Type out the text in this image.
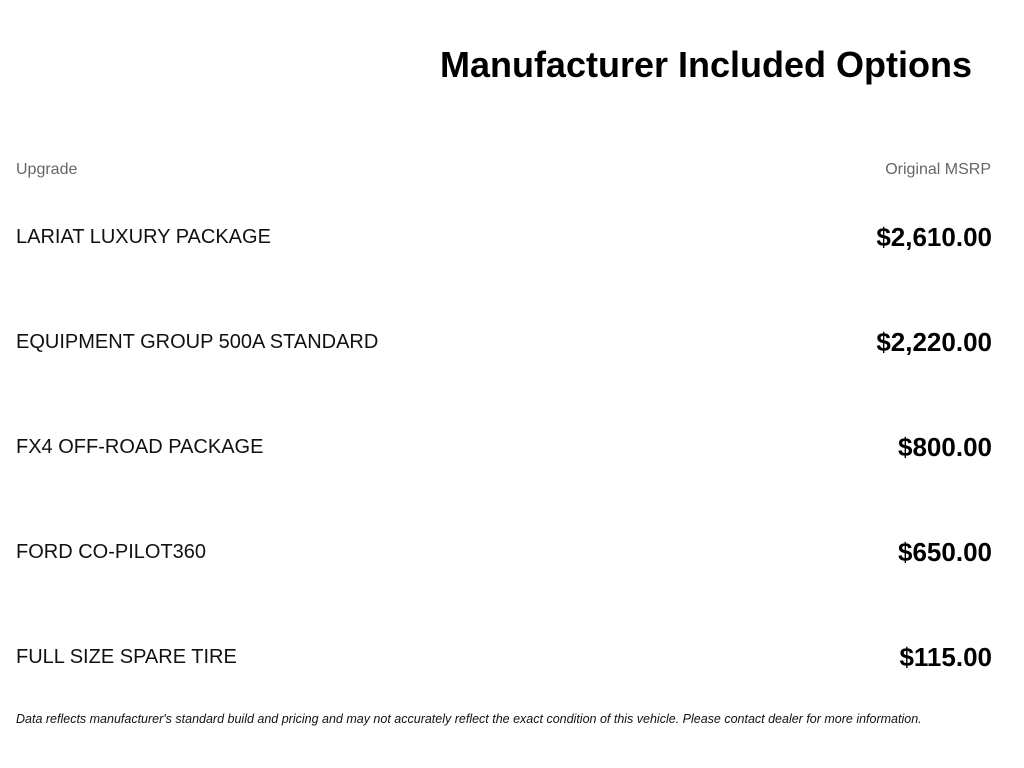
Manufacturer Included Options
Upgrade	Original MSRP
LARIAT LUXURY PACKAGE	$2,610.00
EQUIPMENT GROUP 500A STANDARD	$2,220.00
FX4 OFF-ROAD PACKAGE	$800.00
FORD CO-PILOT360	$650.00
FULL SIZE SPARE TIRE	$115.00
Data reflects manufacturer's standard build and pricing and may not accurately reflect the exact condition of this vehicle. Please contact dealer for more information.
